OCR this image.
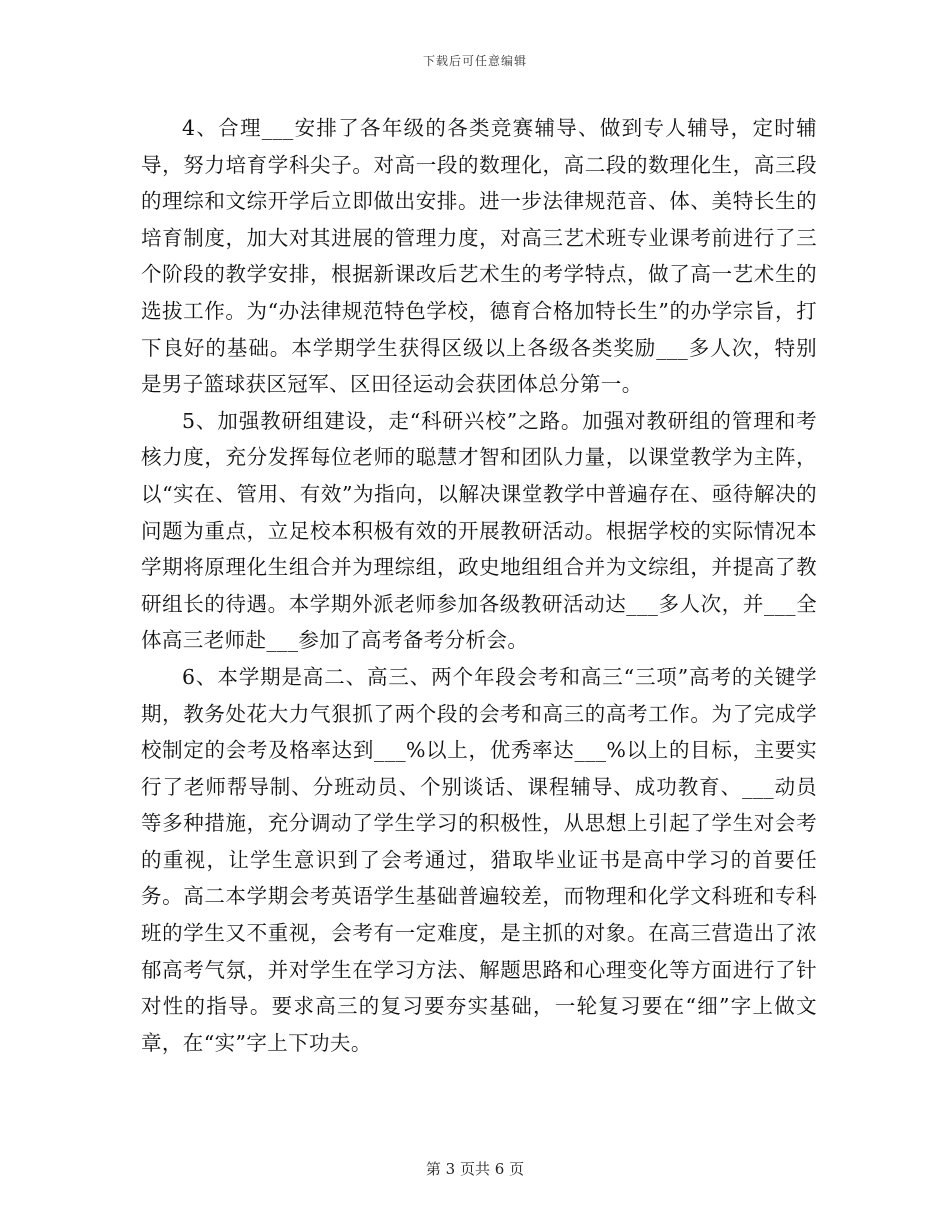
下载后可任意编辑

4、合理___安排了各年级的各类竞赛辅导、做到专人辅导，定时辅导，努力培育学科尖子。对高一段的数理化，高二段的数理化生，高三段的理综和文综开学后立即做出安排。进一步法律规范音、体、美特长生的培育制度，加大对其进展的管理力度，对高三艺术班专业课考前进行了三个阶段的教学安排，根据新课改后艺术生的考学特点，做了高一艺术生的选拔工作。为“办法律规范特色学校，德育合格加特长生”的办学宗旨，打下良好的基础。本学期学生获得区级以上各级各类奖励___多人次，特别是男子篮球获区冠军、区田径运动会获团体总分第一。

5、加强教研组建设，走“科研兴校”之路。加强对教研组的管理和考核力度，充分发挥每位老师的聪慧才智和团队力量，以课堂教学为主阵，以“实在、管用、有效”为指向，以解决课堂教学中普遍存在、亟待解决的问题为重点，立足校本积极有效的开展教研活动。根据学校的实际情况本学期将原理化生组合并为理综组，政史地组组合并为文综组，并提高了教研组长的待遇。本学期外派老师参加各级教研活动达___多人次，并___全体高三老师赴___参加了高考备考分析会。

6、本学期是高二、高三、两个年段会考和高三“三项”高考的关键学期，教务处花大力气狠抓了两个段的会考和高三的高考工作。为了完成学校制定的会考及格率达到___%以上，优秀率达___%以上的目标，主要实行了老师帮导制、分班动员、个别谈话、课程辅导、成功教育、___动员等多种措施，充分调动了学生学习的积极性，从思想上引起了学生对会考的重视，让学生意识到了会考通过，猎取毕业证书是高中学习的首要任务。高二本学期会考英语学生基础普遍较差，而物理和化学文科班和专科班的学生又不重视，会考有一定难度，是主抓的对象。在高三营造出了浓郁高考气氛，并对学生在学习方法、解题思路和心理变化等方面进行了针对性的指导。要求高三的复习要夯实基础，一轮复习要在“细”字上做文章，在“实”字上下功夫。

第 3 页共 6 页
